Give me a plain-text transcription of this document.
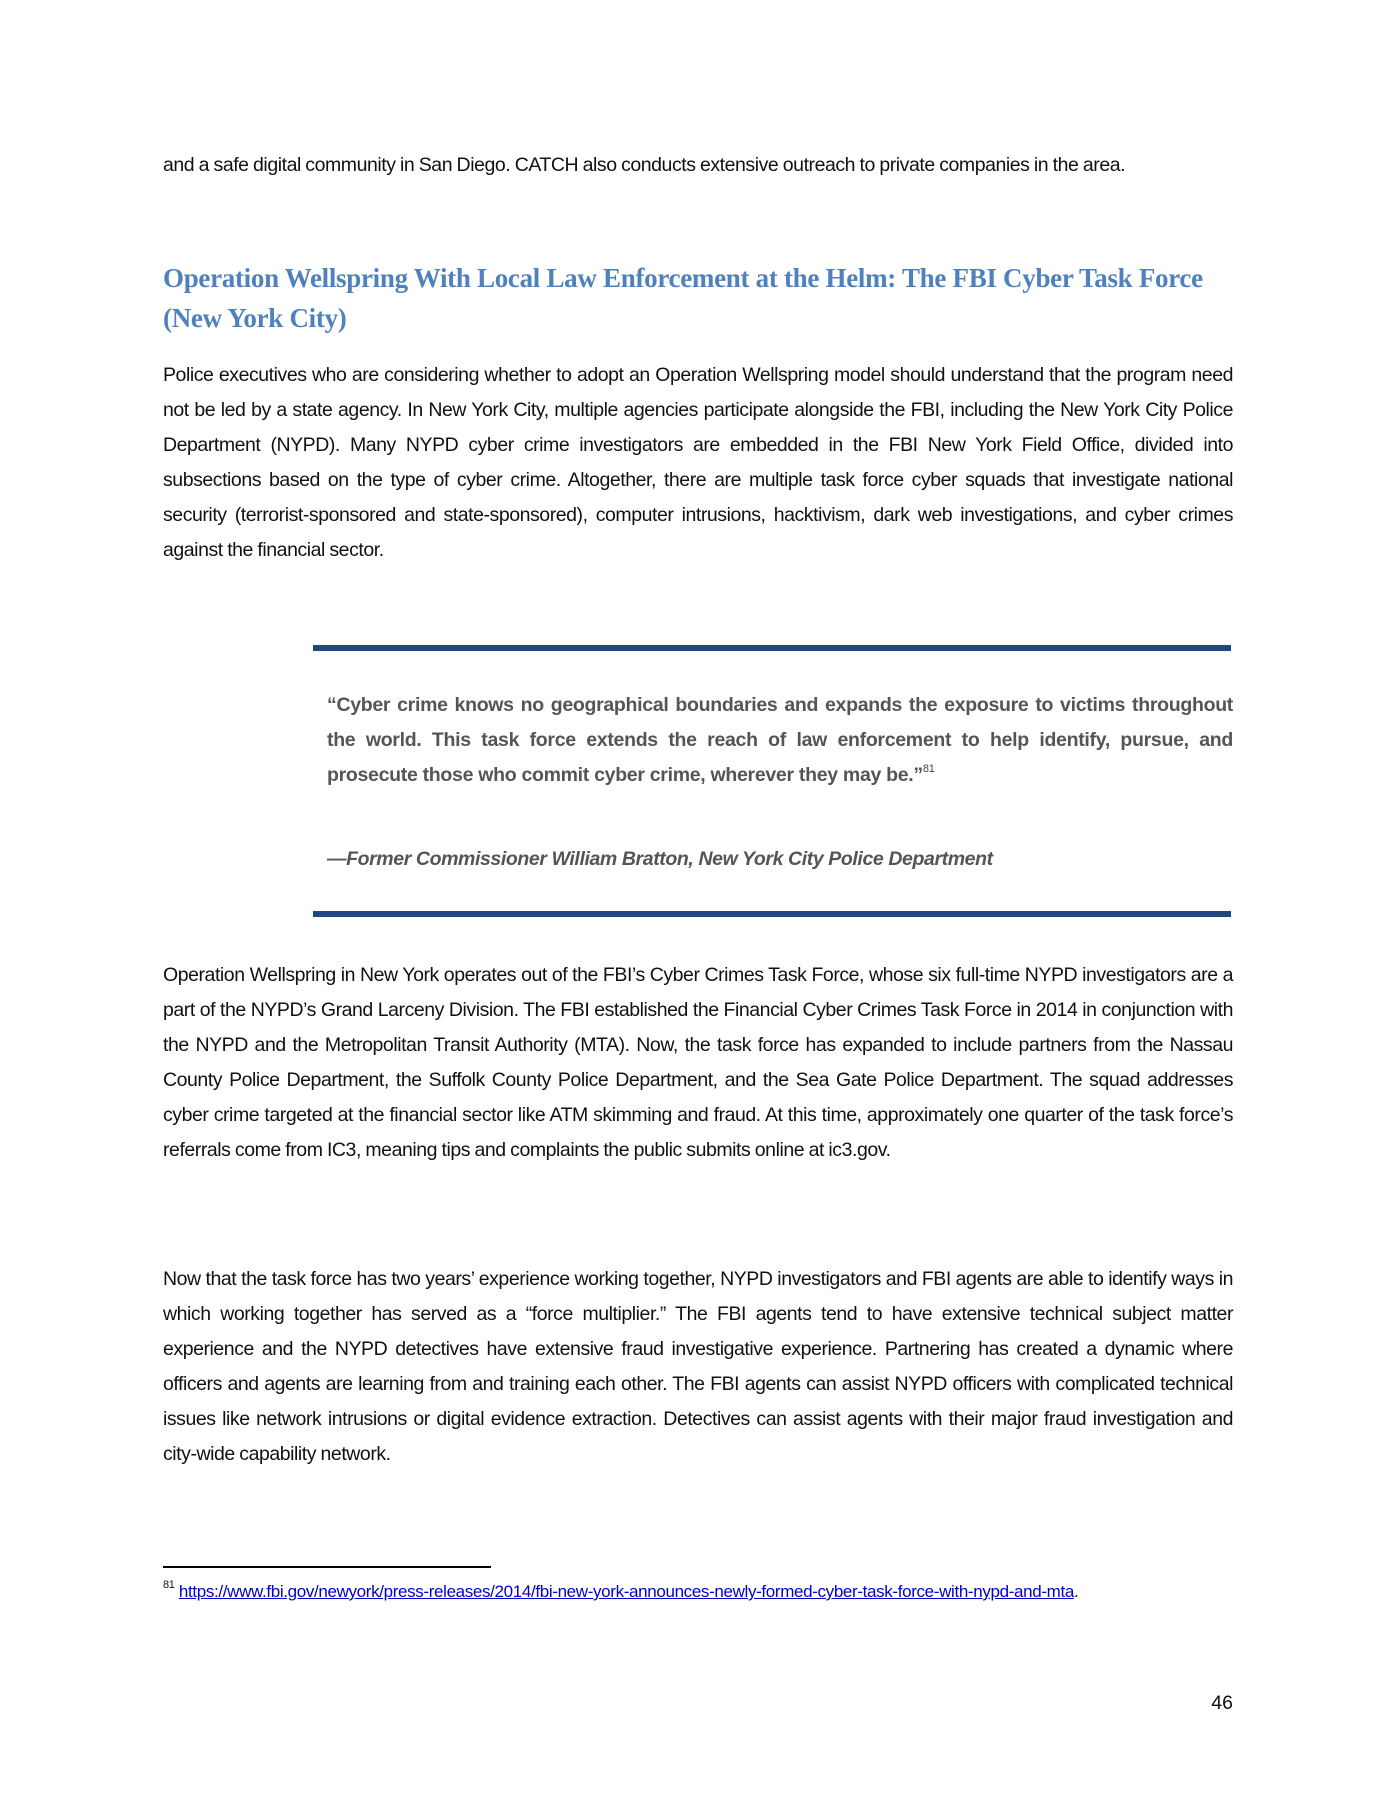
and a safe digital community in San Diego. CATCH also conducts extensive outreach to private companies in the area.

Operation Wellspring With Local Law Enforcement at the Helm: The FBI Cyber Task Force (New York City)

Police executives who are considering whether to adopt an Operation Wellspring model should understand that the program need not be led by a state agency. In New York City, multiple agencies participate alongside the FBI, including the New York City Police Department (NYPD). Many NYPD cyber crime investigators are embedded in the FBI New York Field Office, divided into subsections based on the type of cyber crime. Altogether, there are multiple task force cyber squads that investigate national security (terrorist-sponsored and state-sponsored), computer intrusions, hacktivism, dark web investigations, and cyber crimes against the financial sector.

“Cyber crime knows no geographical boundaries and expands the exposure to victims throughout the world. This task force extends the reach of law enforcement to help identify, pursue, and prosecute those who commit cyber crime, wherever they may be.”$^{81}$

—Former Commissioner William Bratton, New York City Police Department

Operation Wellspring in New York operates out of the FBI’s Cyber Crimes Task Force, whose six full-time NYPD investigators are a part of the NYPD’s Grand Larceny Division. The FBI established the Financial Cyber Crimes Task Force in 2014 in conjunction with the NYPD and the Metropolitan Transit Authority (MTA). Now, the task force has expanded to include partners from the Nassau County Police Department, the Suffolk County Police Department, and the Sea Gate Police Department. The squad addresses cyber crime targeted at the financial sector like ATM skimming and fraud. At this time, approximately one quarter of the task force’s referrals come from IC3, meaning tips and complaints the public submits online at ic3.gov.

Now that the task force has two years’ experience working together, NYPD investigators and FBI agents are able to identify ways in which working together has served as a “force multiplier.” The FBI agents tend to have extensive technical subject matter experience and the NYPD detectives have extensive fraud investigative experience. Partnering has created a dynamic where officers and agents are learning from and training each other. The FBI agents can assist NYPD officers with complicated technical issues like network intrusions or digital evidence extraction. Detectives can assist agents with their major fraud investigation and city-wide capability network.

$^{81}$ https://www.fbi.gov/newyork/press-releases/2014/fbi-new-york-announces-newly-formed-cyber-task-force-with-nypd-and-mta.

46
